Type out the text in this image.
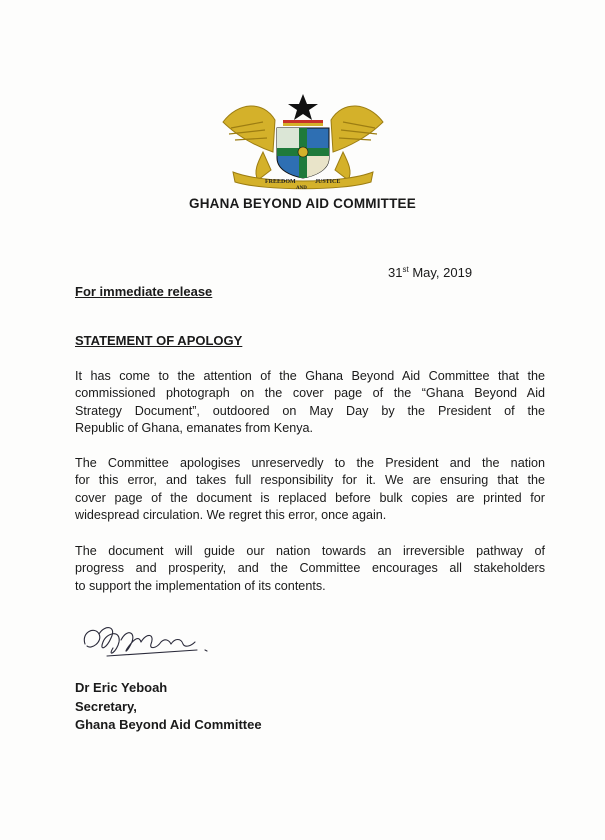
FREEDOM
AND
JUSTICE
GHANA BEYOND AID COMMITTEE
31st May, 2019
For immediate release
STATEMENT OF APOLOGY
It has come to the attention of the Ghana Beyond Aid Committee that the
commissioned photograph on the cover page of the “Ghana Beyond Aid
Strategy Document”, outdoored on May Day by the President of the
Republic of Ghana, emanates from Kenya.
The Committee apologises unreservedly to the President and the nation
for this error, and takes full responsibility for it. We are ensuring that the
cover page of the document is replaced before bulk copies are printed for
widespread circulation. We regret this error, once again.
The document will guide our nation towards an irreversible pathway of
progress and prosperity, and the Committee encourages all stakeholders
to support the implementation of its contents.
Dr Eric Yeboah
Secretary,
Ghana Beyond Aid Committee
